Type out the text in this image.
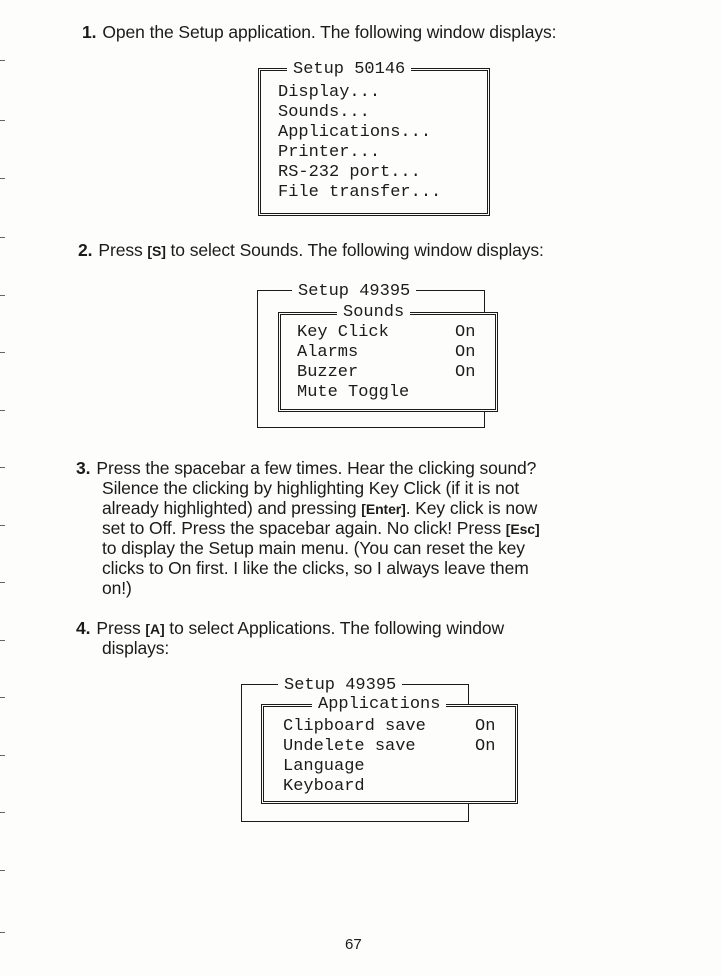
1. Open the Setup application. The following window displays:
Setup 50146
Display...
Sounds...
Applications...
Printer...
RS-232 port...
File transfer...
2. Press [S] to select Sounds. The following window displays:
Setup 49395
Sounds
Key Click	On
Alarms	On
Buzzer	On
Mute Toggle
3. Press the spacebar a few times. Hear the clicking sound?
Silence the clicking by highlighting Key Click (if it is not
already highlighted) and pressing [Enter]. Key click is now
set to Off. Press the spacebar again. No click! Press [Esc]
to display the Setup main menu. (You can reset the key
clicks to On first. I like the clicks, so I always leave them
on!)
4. Press [A] to select Applications. The following window
displays:
Setup 49395
Applications
Clipboard save	On
Undelete save	On
Language
Keyboard
67
